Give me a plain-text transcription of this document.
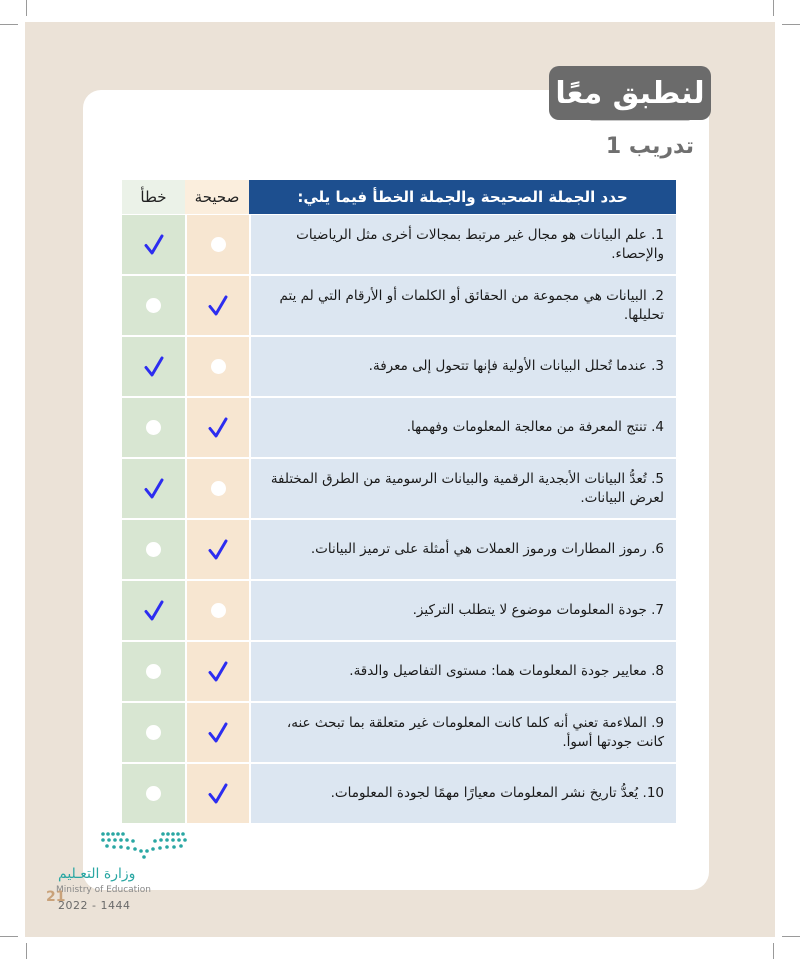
لنطبق معًا
تدريب 1
خطأ	صحيحة	حدد الجملة الصحيحة والجملة الخطأ فيما يلي:
1. علم البيانات هو مجال غير مرتبط بمجالات أخرى مثل الرياضيات والإحصاء.
2. البيانات هي مجموعة من الحقائق أو الكلمات أو الأرقام التي لم يتم تحليلها.
3. عندما تُحلل البيانات الأولية فإنها تتحول إلى معرفة.
4. تنتج المعرفة من معالجة المعلومات وفهمها.
5. تُعدُّ البيانات الأبجدية الرقمية والبيانات الرسومية من الطرق المختلفة لعرض البيانات.
6. رموز المطارات ورموز العملات هي أمثلة على ترميز البيانات.
7. جودة المعلومات موضوع لا يتطلب التركيز.
8. معايير جودة المعلومات هما: مستوى التفاصيل والدقة.
9. الملاءمة تعني أنه كلما كانت المعلومات غير متعلقة بما تبحث عنه، كانت جودتها أسوأ.
10. يُعدُّ تاريخ نشر المعلومات معيارًا مهمًا لجودة المعلومات.
وزارة التعـليم
Ministry of Education
21
2022 - 1444
